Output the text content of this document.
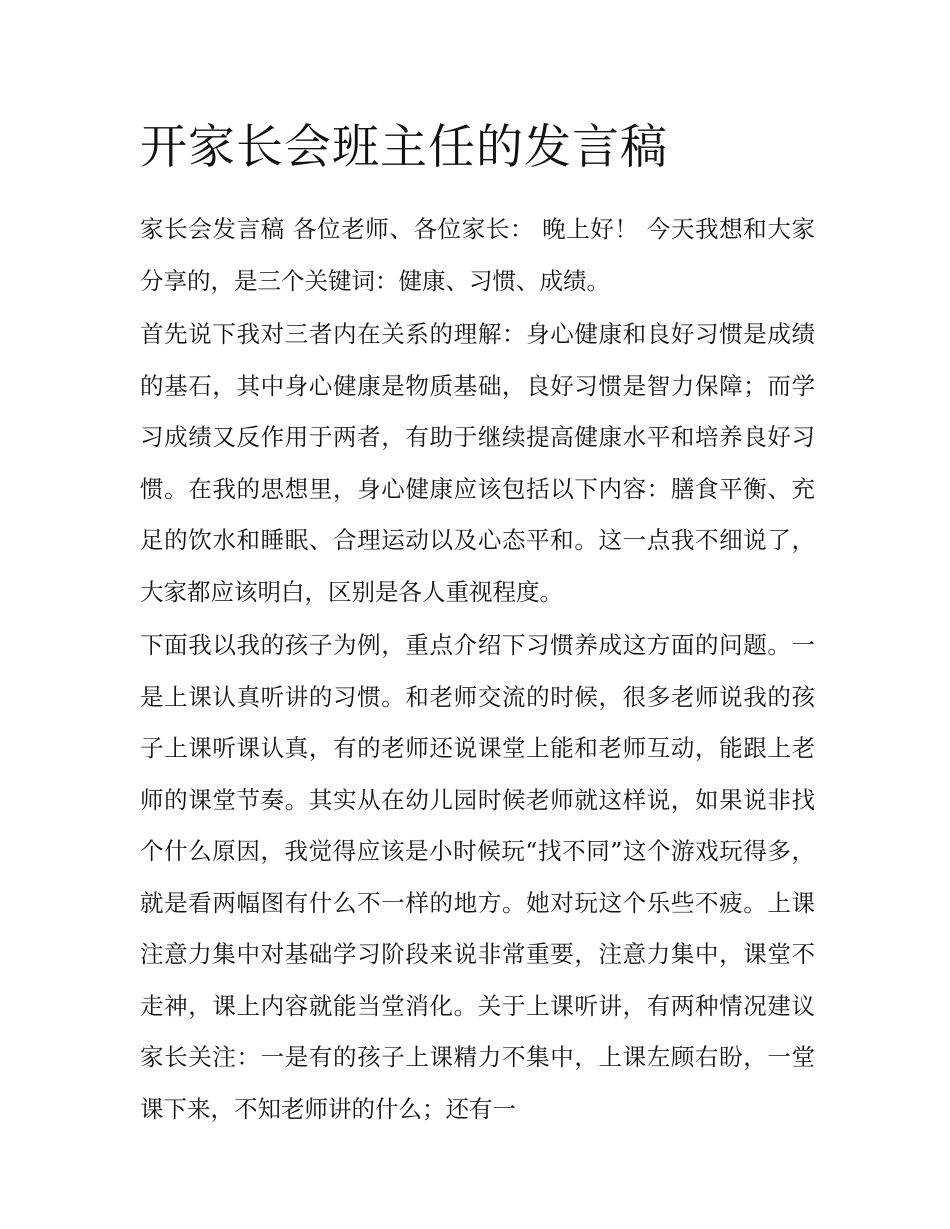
开家长会班主任的发言稿

家长会发言稿 各位老师、各位家长： 晚上好！ 今天我想和大家分享的，是三个关键词：健康、习惯、成绩。

首先说下我对三者内在关系的理解：身心健康和良好习惯是成绩的基石，其中身心健康是物质基础，良好习惯是智力保障；而学习成绩又反作用于两者，有助于继续提高健康水平和培养良好习惯。在我的思想里，身心健康应该包括以下内容：膳食平衡、充足的饮水和睡眠、合理运动以及心态平和。这一点我不细说了，大家都应该明白，区别是各人重视程度。

下面我以我的孩子为例，重点介绍下习惯养成这方面的问题。一是上课认真听讲的习惯。和老师交流的时候，很多老师说我的孩子上课听课认真，有的老师还说课堂上能和老师互动，能跟上老师的课堂节奏。其实从在幼儿园时候老师就这样说，如果说非找个什么原因，我觉得应该是小时候玩“找不同”这个游戏玩得多，就是看两幅图有什么不一样的地方。她对玩这个乐些不疲。上课注意力集中对基础学习阶段来说非常重要，注意力集中，课堂不走神，课上内容就能当堂消化。关于上课听讲，有两种情况建议家长关注：一是有的孩子上课精力不集中，上课左顾右盼，一堂课下来，不知老师讲的什么；还有一
